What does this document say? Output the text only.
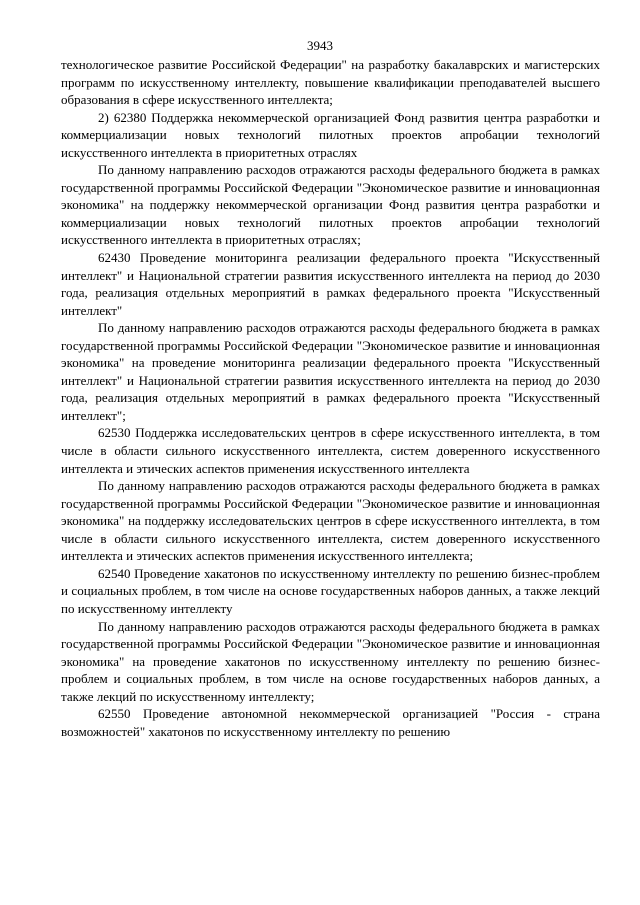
3943

технологическое развитие Российской Федерации" на разработку бакалаврских и магистерских программ по искусственному интеллекту, повышение квалификации преподавателей высшего образования в сфере искусственного интеллекта;

2) 62380 Поддержка некоммерческой организацией Фонд развития центра разработки и коммерциализации новых технологий пилотных проектов апробации технологий искусственного интеллекта в приоритетных отраслях

По данному направлению расходов отражаются расходы федерального бюджета в рамках государственной программы Российской Федерации "Экономическое развитие и инновационная экономика" на поддержку некоммерческой организации Фонд развития центра разработки и коммерциализации новых технологий пилотных проектов апробации технологий искусственного интеллекта в приоритетных отраслях;

62430 Проведение мониторинга реализации федерального проекта "Искусственный интеллект" и Национальной стратегии развития искусственного интеллекта на период до 2030 года, реализация отдельных мероприятий в рамках федерального проекта "Искусственный интеллект"

По данному направлению расходов отражаются расходы федерального бюджета в рамках государственной программы Российской Федерации "Экономическое развитие и инновационная экономика" на проведение мониторинга реализации федерального проекта "Искусственный интеллект" и Национальной стратегии развития искусственного интеллекта на период до 2030 года, реализация отдельных мероприятий в рамках федерального проекта "Искусственный интеллект";

62530 Поддержка исследовательских центров в сфере искусственного интеллекта, в том числе в области сильного искусственного интеллекта, систем доверенного искусственного интеллекта и этических аспектов применения искусственного интеллекта

По данному направлению расходов отражаются расходы федерального бюджета в рамках государственной программы Российской Федерации "Экономическое развитие и инновационная экономика" на поддержку исследовательских центров в сфере искусственного интеллекта, в том числе в области сильного искусственного интеллекта, систем доверенного искусственного интеллекта и этических аспектов применения искусственного интеллекта;

62540 Проведение хакатонов по искусственному интеллекту по решению бизнес-проблем и социальных проблем, в том числе на основе государственных наборов данных, а также лекций по искусственному интеллекту

По данному направлению расходов отражаются расходы федерального бюджета в рамках государственной программы Российской Федерации "Экономическое развитие и инновационная экономика" на проведение хакатонов по искусственному интеллекту по решению бизнес-проблем и социальных проблем, в том числе на основе государственных наборов данных, а также лекций по искусственному интеллекту;

62550 Проведение автономной некоммерческой организацией "Россия - страна возможностей" хакатонов по искусственному интеллекту по решению
